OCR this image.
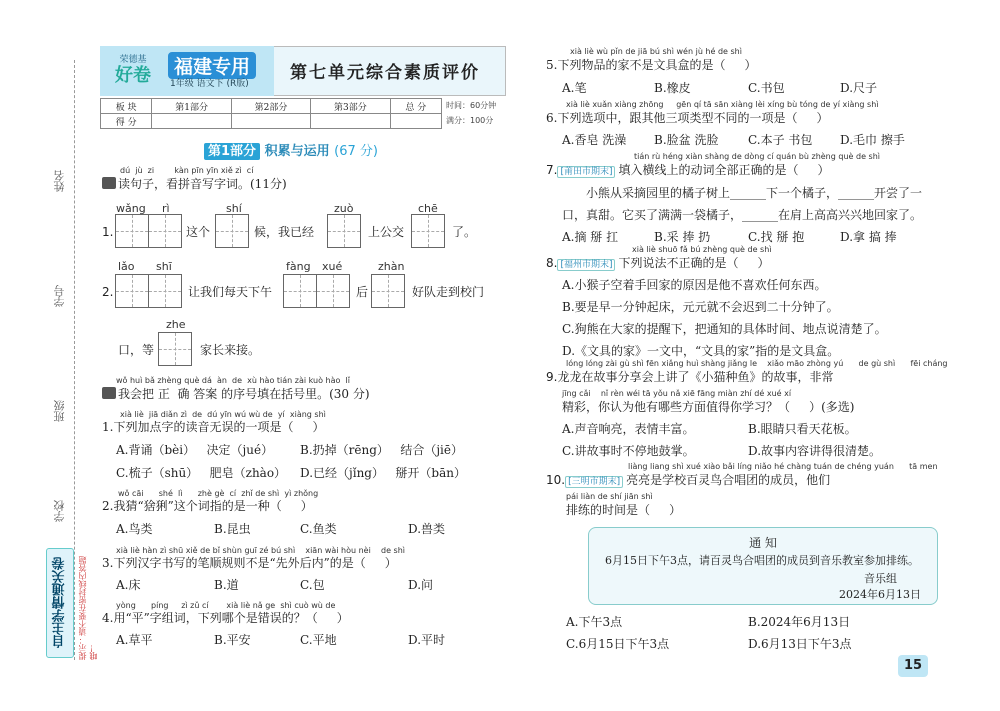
姓名
学号
班级
学校
自主学情通关卷	提示：请不要在密封线内答题哦！
荣德基
好卷	福建专用
1年级 语文下 (R版)
第七单元综合素质评价
板 块	第1部分	第2部分	第3部分	总 分
得 分				
时间：60分钟
满分：100分
第1部分 积累与运用 (67 分)
dú  jù  zi        kàn pīn yīn xiě zì  cí
读句子，看拼音写字词。(11分)
wǎng rì	shí	zuò	chē
1.	这个	候，我已经	上公交	了。
lǎo shī	fàng xué	zhàn
2.	让我们每天下午	后	好队走到校门
zhe
口，等	家长来接。
wǒ huì bǎ zhèng què dá  àn  de  xù hào tián zài kuò hào  lǐ
我会把 正  确 答案 的序号填在括号里。(30 分)
xià liè  jiā diǎn zì  de  dú yīn wú wù de  yí  xiàng shì
1.下列加点字的读音无误的一项是（     ）
A.背诵（bèi）   决定（jué） B.扔掉（rēng）   结合（jiē）
C.梳子（shū）   肥皂（zhào） D.已经（jǐng）   掰开（bān）
wǒ cāi      shé  lì      zhè gè  cí  zhǐ de shì  yì zhǒng
2.我猜“猞猁”这个词指的是一种（     ）
A.鸟类	B.昆虫	C.鱼类	D.兽类
xià liè hàn zì shū xiě de bǐ shùn guī zé bú shì    xiān wài hòu nèi    de shì
3.下列汉字书写的笔顺规则不是“先外后内”的是（     ）
A.床	B.道	C.包	D.问
yòng      píng     zì zǔ cí       xià liè nǎ ge  shì cuò wù de
4.用“平”字组词，下列哪个是错误的？（     ）
A.草平	B.平安	C.平地	D.平时
xià liè wù pǐn de jiā bú shì wén jù hé de shì
5.下列物品的家不是文具盒的是（     ）
A.笔	B.橡皮	C.书包	D.尺子
xià liè xuǎn xiàng zhōng     gēn qí tā sān xiàng lèi xíng bù tóng de yí xiàng shì
6.下列选项中，跟其他三项类型不同的一项是（     ）
A.香皂 洗澡 B.脸盆 洗脸 C.本子 书包 D.毛巾 擦手
tián rù héng xiàn shàng de dòng cí quán bù zhèng què de shì
7. [莆田市期末] 填入横线上的动词全部正确的是（     ）
小熊从采摘园里的橘子树上______下一个橘子，______开尝了一
口，真甜。它买了满满一袋橘子，______在肩上高高兴兴地回家了。
A.摘 掰 扛	B.采 捧 扔	C.找 掰 抱	D.拿 搞 捧
xià liè shuō fǎ bú zhèng què de shì
8. [福州市期末] 下列说法不正确的是（     ）
A.小猴子空着手回家的原因是他不喜欢任何东西。
B.要是早一分钟起床，元元就不会迟到二十分钟了。
C.狗熊在大家的提醒下，把通知的具体时间、地点说清楚了。
D.《文具的家》一文中，“文具的家”指的是文具盒。
lóng lóng zài gù shì fēn xiǎng huì shàng jiǎng le    xiǎo māo zhòng yú      de gù shì      fēi cháng
9.龙龙在故事分享会上讲了《小猫种鱼》的故事，非常
jīng cǎi    nǐ rèn wéi tā yǒu nǎ xiē fāng miàn zhí dé xué xí
精彩，你认为他有哪些方面值得你学习？（     ）(多选)
A.声音响亮，表情丰富。	B.眼睛只看天花板。
C.讲故事时不停地鼓掌。	D.故事内容讲得很清楚。
liàng liang shì xué xiào bǎi líng niǎo hé chàng tuán de chéng yuán      tā men
10. [三明市期末] 亮亮是学校百灵鸟合唱团的成员，他们
pái liàn de shí jiān shì
排练的时间是（     ）
通 知
6月15日下午3点，请百灵鸟合唱团的成员到音乐教室参加排练。
音乐组
2024年6月13日
A.下午3点	B.2024年6月13日
C.6月15日下午3点	D.6月13日下午3点
15
